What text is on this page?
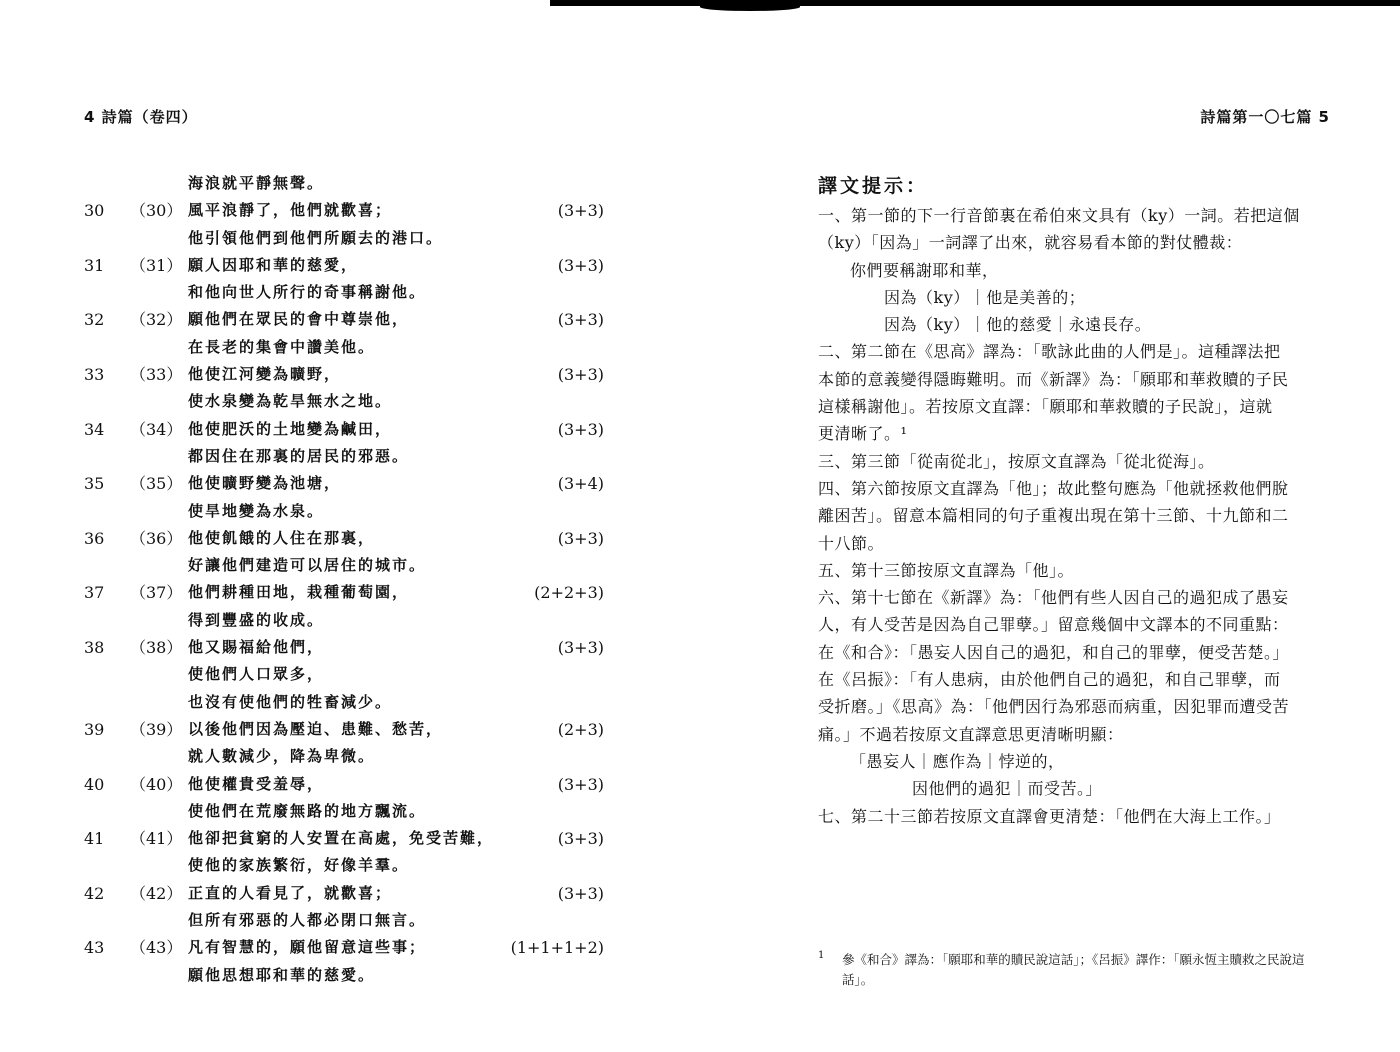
4 詩篇（卷四）
海浪就平靜無聲。
30	（30） 風平浪靜了，他們就歡喜；	(3+3)
他引領他們到他們所願去的港口。
31	（31） 願人因耶和華的慈愛，	(3+3)
和他向世人所行的奇事稱謝他。
32	（32） 願他們在眾民的會中尊崇他，	(3+3)
在長老的集會中讚美他。
33	（33） 他使江河變為曠野，	(3+3)
使水泉變為乾旱無水之地。
34	（34） 他使肥沃的土地變為鹹田，	(3+3)
都因住在那裏的居民的邪惡。
35	（35） 他使曠野變為池塘，	(3+4)
使旱地變為水泉。
36	（36） 他使飢餓的人住在那裏，	(3+3)
好讓他們建造可以居住的城市。
37	（37） 他們耕種田地，栽種葡萄園，	(2+2+3)
得到豐盛的收成。
38	（38） 他又賜福給他們，	(3+3)
使他們人口眾多，
也沒有使他們的牲畜減少。
39	（39） 以後他們因為壓迫、患難、愁苦，	(2+3)
就人數減少，降為卑微。
40	（40） 他使權貴受羞辱，	(3+3)
使他們在荒廢無路的地方飄流。
41	（41） 他卻把貧窮的人安置在高處，免受苦難，	(3+3)
使他的家族繁衍，好像羊羣。
42	（42） 正直的人看見了，就歡喜；	(3+3)
但所有邪惡的人都必閉口無言。
43	（43） 凡有智慧的，願他留意這些事；	(1+1+1+2)
願他思想耶和華的慈愛。
詩篇第一〇七篇 5
譯文提示：
一、第一節的下一行音節裏在希伯來文具有（ky）一詞。若把這個
（ky）「因為」一詞譯了出來，就容易看本節的對仗體裁：
你們要稱謝耶和華，
因為（ky）｜他是美善的；
因為（ky）｜他的慈愛｜永遠長存。
二、第二節在《思高》譯為：「歌詠此曲的人們是」。這種譯法把
本節的意義變得隱晦難明。而《新譯》為：「願耶和華救贖的子民
這樣稱謝他」。若按原文直譯：「願耶和華救贖的子民說」，這就
更清晰了。¹
三、第三節「從南從北」，按原文直譯為「從北從海」。
四、第六節按原文直譯為「他」；故此整句應為「他就拯救他們脫
離困苦」。留意本篇相同的句子重複出現在第十三節、十九節和二
十八節。
五、第十三節按原文直譯為「他」。
六、第十七節在《新譯》為：「他們有些人因自己的過犯成了愚妄
人，有人受苦是因為自己罪孽。」留意幾個中文譯本的不同重點：
在《和合》：「愚妄人因自己的過犯，和自己的罪孽，便受苦楚。」
在《呂振》：「有人患病，由於他們自己的過犯，和自己罪孽，而
受折磨。」《思高》為：「他們因行為邪惡而病重，因犯罪而遭受苦
痛。」不過若按原文直譯意思更清晰明顯：
「愚妄人｜應作為｜悖逆的，
因他們的過犯｜而受苦。」
七、第二十三節若按原文直譯會更清楚：「他們在大海上工作。」
1	參《和合》譯為：「願耶和華的贖民說這話」；《呂振》譯作：「願永恆主贖救之民說這
話」。
